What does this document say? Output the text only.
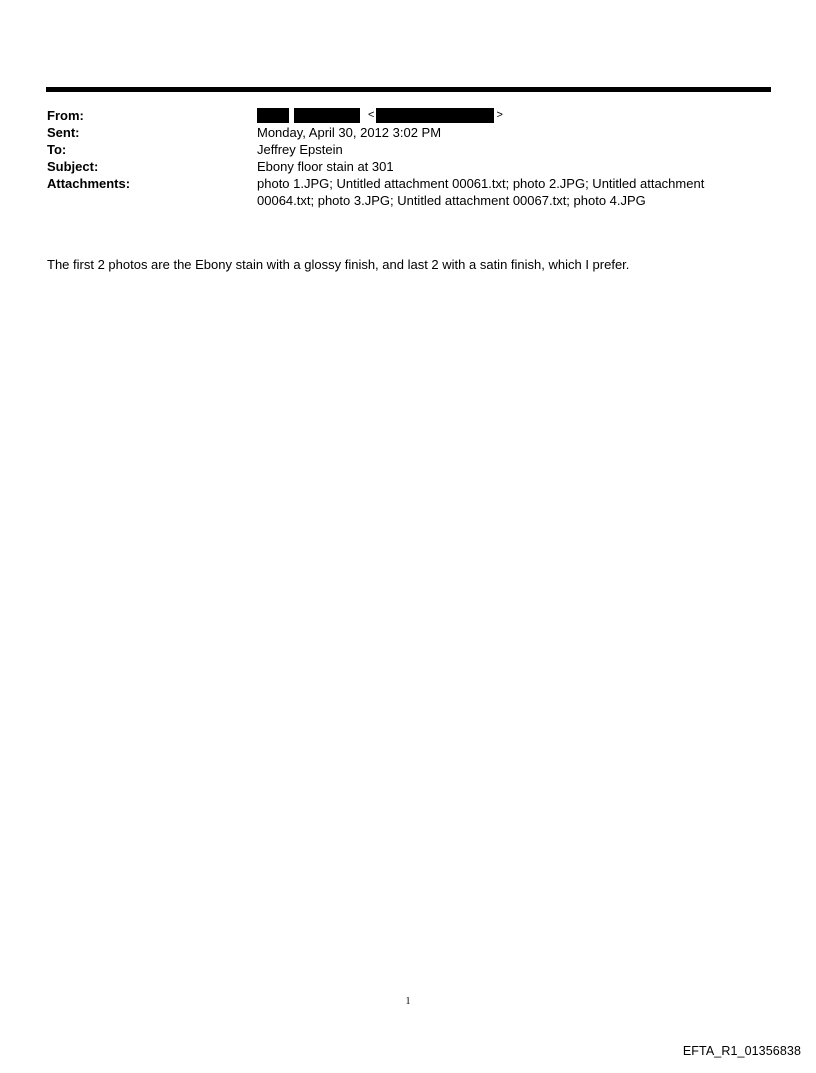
From:	<	>
Sent:	Monday, April 30, 2012 3:02 PM
To:	Jeffrey Epstein
Subject:	Ebony floor stain at 301
Attachments:	photo 1.JPG; Untitled attachment 00061.txt; photo 2.JPG; Untitled attachment
00064.txt; photo 3.JPG; Untitled attachment 00067.txt; photo 4.JPG
The first 2 photos are the Ebony stain with a glossy finish, and last 2 with a satin finish, which I prefer.
1
EFTA_R1_01356838
